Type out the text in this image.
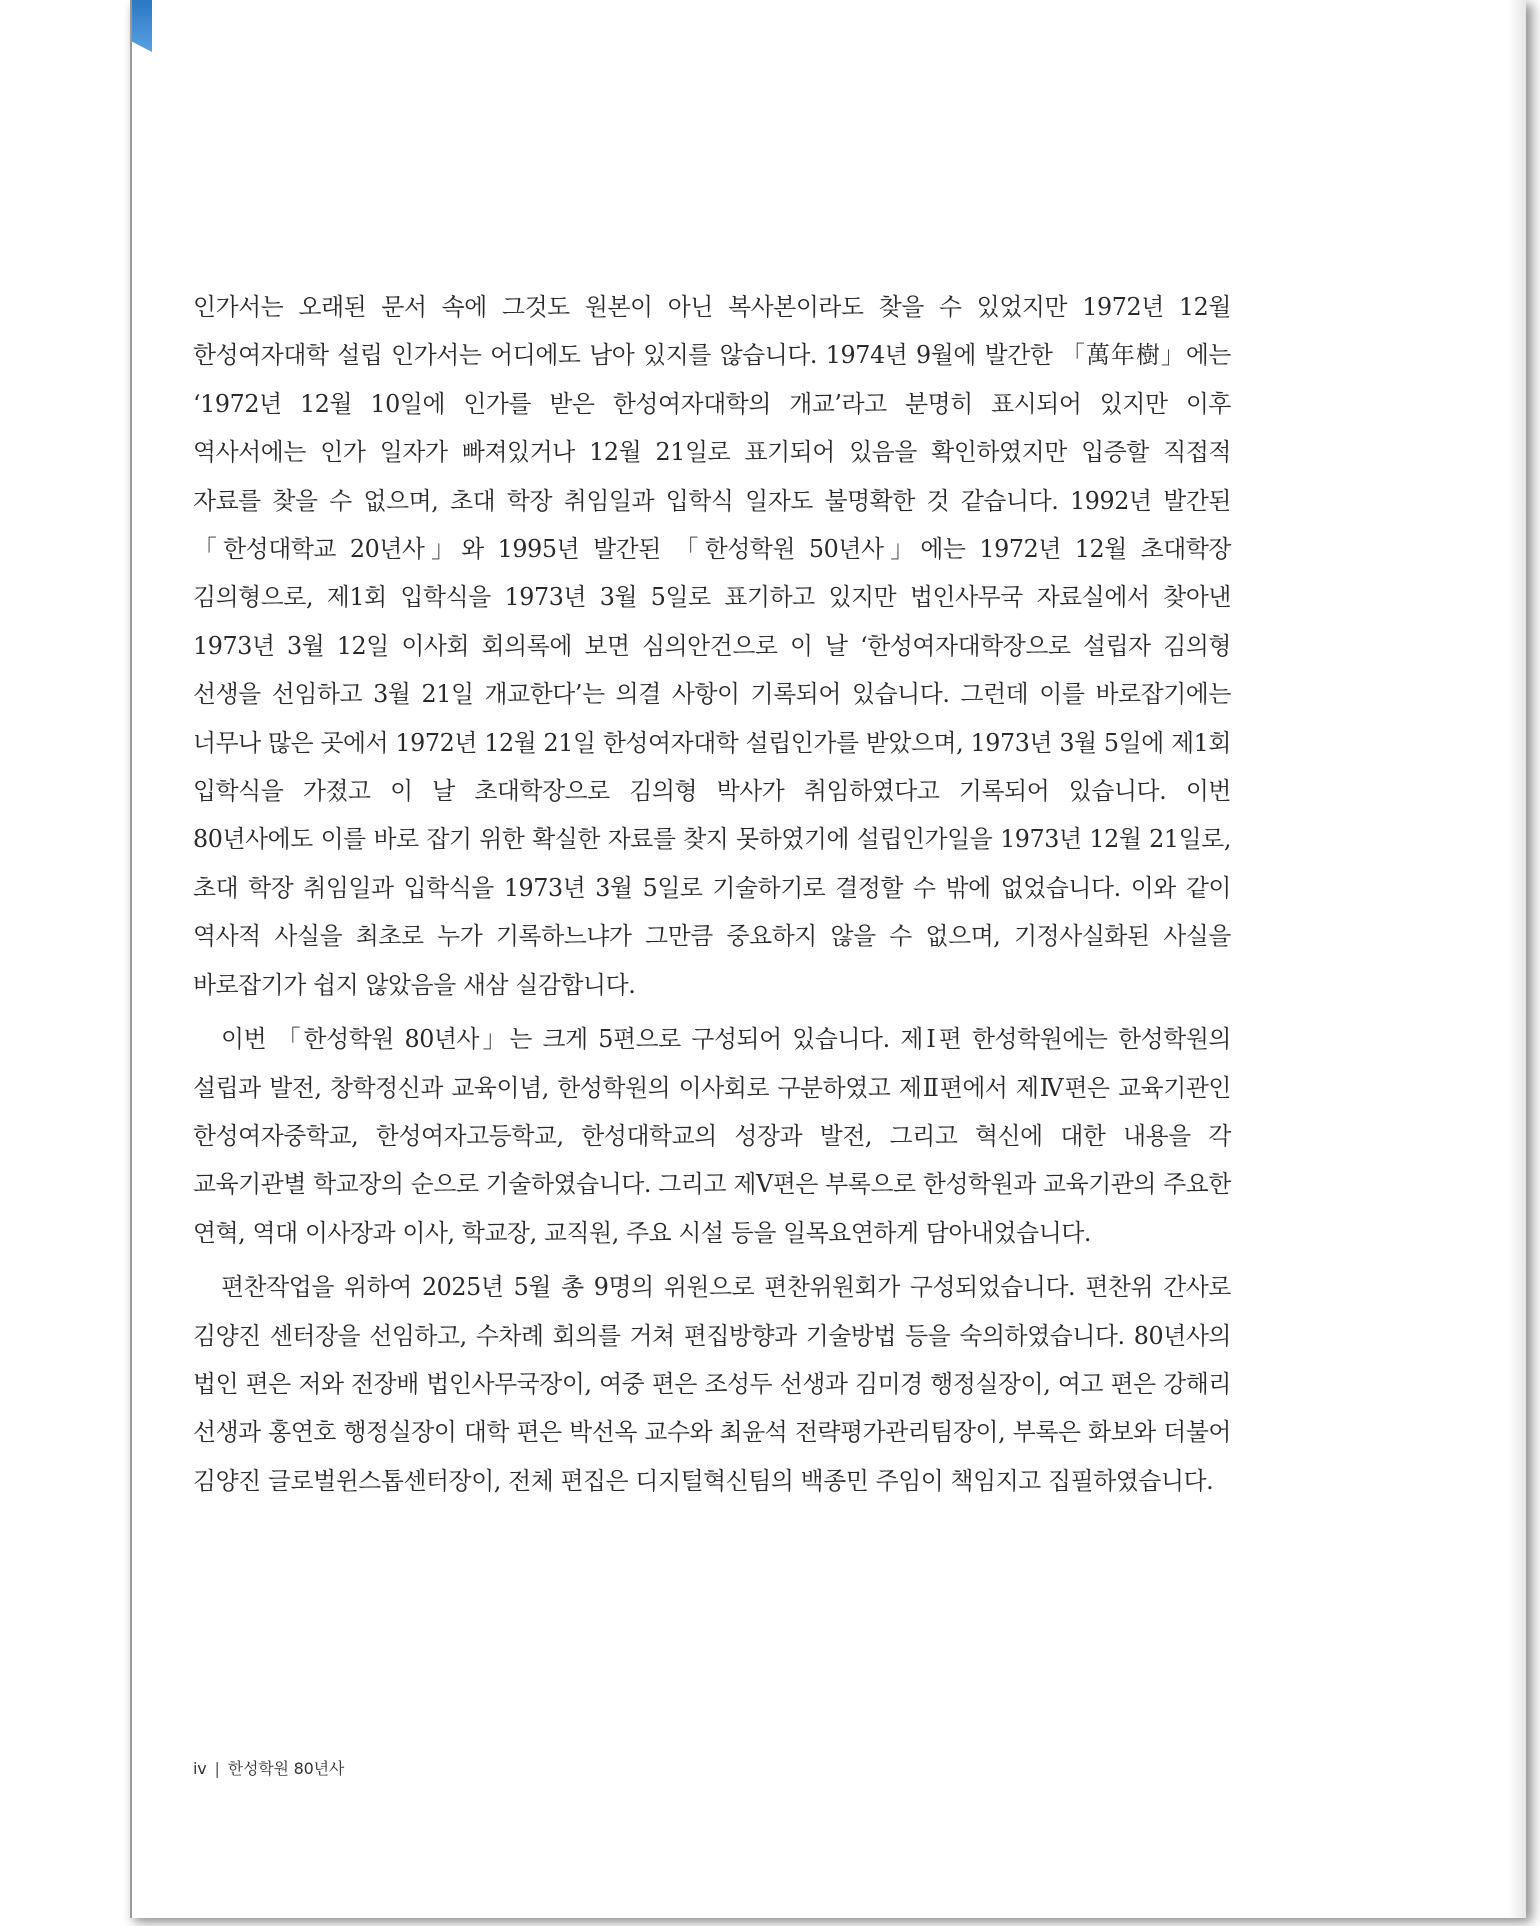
인가서는 오래된 문서 속에 그것도 원본이 아닌 복사본이라도 찾을 수 있었지만 1972년 12월 한성여자대학 설립 인가서는 어디에도 남아 있지를 않습니다. 1974년 9월에 발간한 「萬年樹」에는 ‘1972년 12월 10일에 인가를 받은 한성여자대학의 개교’라고 분명히 표시되어 있지만 이후 역사서에는 인가 일자가 빠져있거나 12월 21일로 표기되어 있음을 확인하였지만 입증할 직접적 자료를 찾을 수 없으며, 초대 학장 취임일과 입학식 일자도 불명확한 것 같습니다. 1992년 발간된 「한성대학교 20년사」와 1995년 발간된 「한성학원 50년사」에는 1972년 12월 초대학장 김의형으로, 제1회 입학식을 1973년 3월 5일로 표기하고 있지만 법인사무국 자료실에서 찾아낸 1973년 3월 12일 이사회 회의록에 보면 심의안건으로 이 날 ‘한성여자대학장으로 설립자 김의형 선생을 선임하고 3월 21일 개교한다’는 의결 사항이 기록되어 있습니다. 그런데 이를 바로잡기에는 너무나 많은 곳에서 1972년 12월 21일 한성여자대학 설립인가를 받았으며, 1973년 3월 5일에 제1회 입학식을 가졌고 이 날 초대학장으로 김의형 박사가 취임하였다고 기록되어 있습니다. 이번 80년사에도 이를 바로 잡기 위한 확실한 자료를 찾지 못하였기에 설립인가일을 1973년 12월 21일로, 초대 학장 취임일과 입학식을 1973년 3월 5일로 기술하기로 결정할 수 밖에 없었습니다. 이와 같이 역사적 사실을 최초로 누가 기록하느냐가 그만큼 중요하지 않을 수 없으며, 기정사실화된 사실을 바로잡기가 쉽지 않았음을 새삼 실감합니다.

이번 「한성학원 80년사」는 크게 5편으로 구성되어 있습니다. 제Ⅰ편 한성학원에는 한성학원의 설립과 발전, 창학정신과 교육이념, 한성학원의 이사회로 구분하였고 제Ⅱ편에서 제Ⅳ편은 교육기관인 한성여자중학교, 한성여자고등학교, 한성대학교의 성장과 발전, 그리고 혁신에 대한 내용을 각 교육기관별 학교장의 순으로 기술하였습니다. 그리고 제Ⅴ편은 부록으로 한성학원과 교육기관의 주요한 연혁, 역대 이사장과 이사, 학교장, 교직원, 주요 시설 등을 일목요연하게 담아내었습니다.

편찬작업을 위하여 2025년 5월 총 9명의 위원으로 편찬위원회가 구성되었습니다. 편찬위 간사로 김양진 센터장을 선임하고, 수차례 회의를 거쳐 편집방향과 기술방법 등을 숙의하였습니다. 80년사의 법인 편은 저와 전장배 법인사무국장이, 여중 편은 조성두 선생과 김미경 행정실장이, 여고 편은 강해리 선생과 홍연호 행정실장이 대학 편은 박선옥 교수와 최윤석 전략평가관리팀장이, 부록은 화보와 더불어 김양진 글로벌윈스톱센터장이, 전체 편집은 디지털혁신팀의 백종민 주임이 책임지고 집필하였습니다.

iv | 한성학원 80년사
